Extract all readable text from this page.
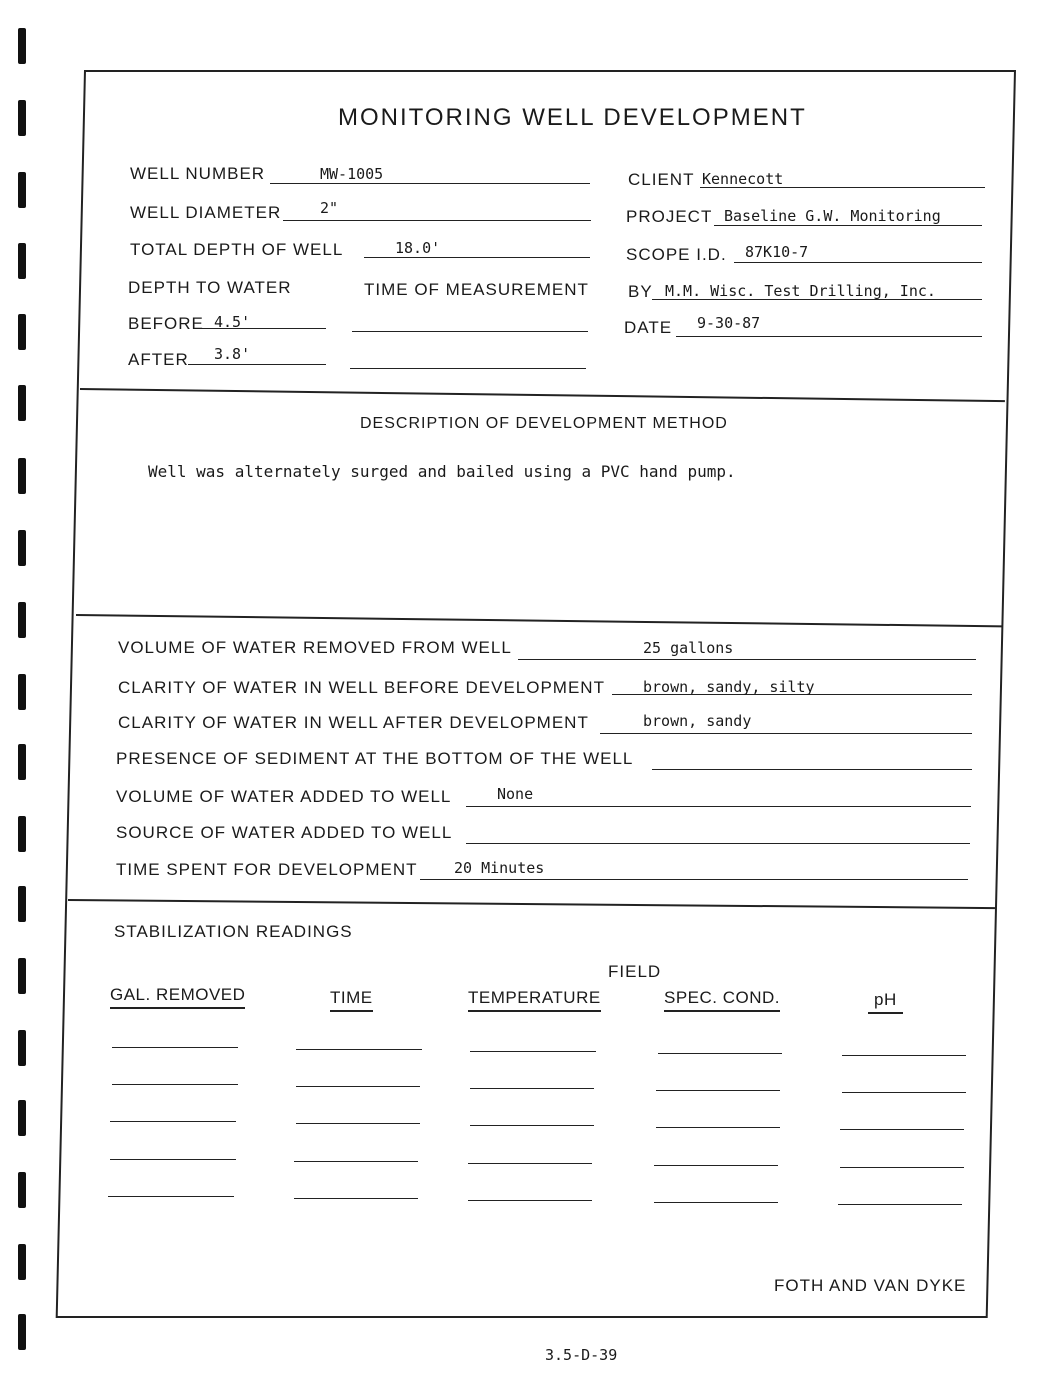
MONITORING WELL DEVELOPMENT
WELL NUMBER	MW-1005
WELL DIAMETER	2"
TOTAL DEPTH OF WELL	18.0'
DEPTH TO WATER	TIME OF MEASUREMENT
BEFORE 4.5'
AFTER 3.8'
CLIENT Kennecott
PROJECT Baseline G.W. Monitoring
SCOPE I.D. 87K10-7
BY M.M. Wisc. Test Drilling, Inc.
DATE 9-30-87
DESCRIPTION OF DEVELOPMENT METHOD
Well was alternately surged and bailed using a PVC hand pump.
VOLUME OF WATER REMOVED FROM WELL	25 gallons
CLARITY OF WATER IN WELL BEFORE DEVELOPMENT	brown, sandy, silty
CLARITY OF WATER IN WELL AFTER DEVELOPMENT	brown, sandy
PRESENCE OF SEDIMENT AT THE BOTTOM OF THE WELL
VOLUME OF WATER ADDED TO WELL	None
SOURCE OF WATER ADDED TO WELL
TIME SPENT FOR DEVELOPMENT 20 Minutes
STABILIZATION READINGS
FIELD
GAL. REMOVED	TIME	TEMPERATURE	SPEC. COND.	pH
FOTH AND VAN DYKE
3.5-D-39
